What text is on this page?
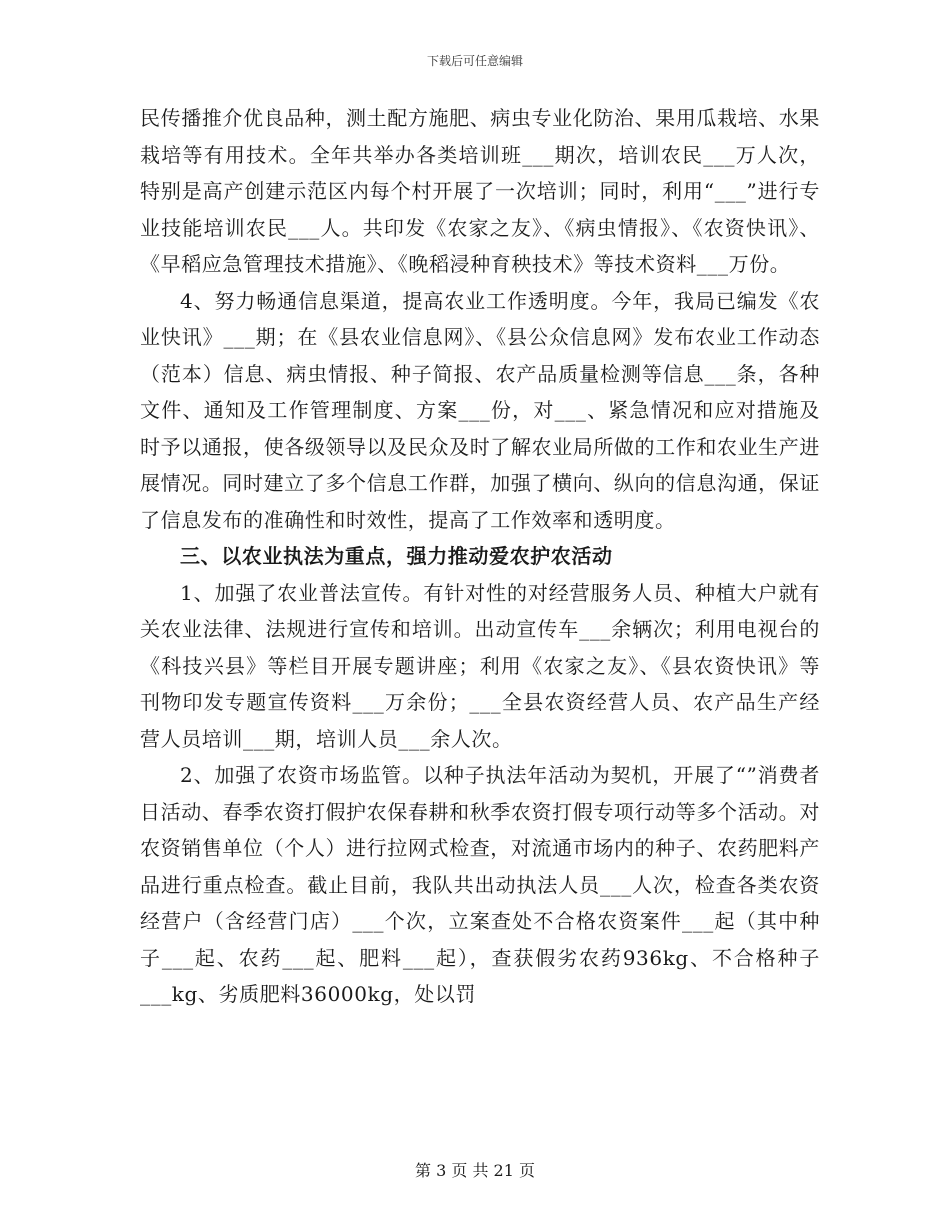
下载后可任意编辑

民传播推介优良品种，测土配方施肥、病虫专业化防治、果用瓜栽培、水果栽培等有用技术。全年共举办各类培训班___期次，培训农民___万人次，特别是高产创建示范区内每个村开展了一次培训；同时，利用“___”进行专业技能培训农民___人。共印发《农家之友》、《病虫情报》、《农资快讯》、《早稻应急管理技术措施》、《晚稻浸种育秧技术》等技术资料___万份。

4、努力畅通信息渠道，提高农业工作透明度。今年，我局已编发《农业快讯》___期；在《县农业信息网》、《县公众信息网》发布农业工作动态（范本）信息、病虫情报、种子简报、农产品质量检测等信息___条，各种文件、通知及工作管理制度、方案___份，对___、紧急情况和应对措施及时予以通报，使各级领导以及民众及时了解农业局所做的工作和农业生产进展情况。同时建立了多个信息工作群，加强了横向、纵向的信息沟通，保证了信息发布的准确性和时效性，提高了工作效率和透明度。

三、以农业执法为重点，强力推动爱农护农活动

1、加强了农业普法宣传。有针对性的对经营服务人员、种植大户就有关农业法律、法规进行宣传和培训。出动宣传车___余辆次；利用电视台的《科技兴县》等栏目开展专题讲座；利用《农家之友》、《县农资快讯》等刊物印发专题宣传资料___万余份；___全县农资经营人员、农产品生产经营人员培训___期，培训人员___余人次。

2、加强了农资市场监管。以种子执法年活动为契机，开展了“”消费者日活动、春季农资打假护农保春耕和秋季农资打假专项行动等多个活动。对农资销售单位（个人）进行拉网式检查，对流通市场内的种子、农药肥料产品进行重点检查。截止目前，我队共出动执法人员___人次，检查各类农资经营户（含经营门店）___个次，立案查处不合格农资案件___起（其中种子___起、农药___起、肥料___起），查获假劣农药936kg、不合格种子___kg、劣质肥料36000kg，处以罚

第 3 页 共 21 页
